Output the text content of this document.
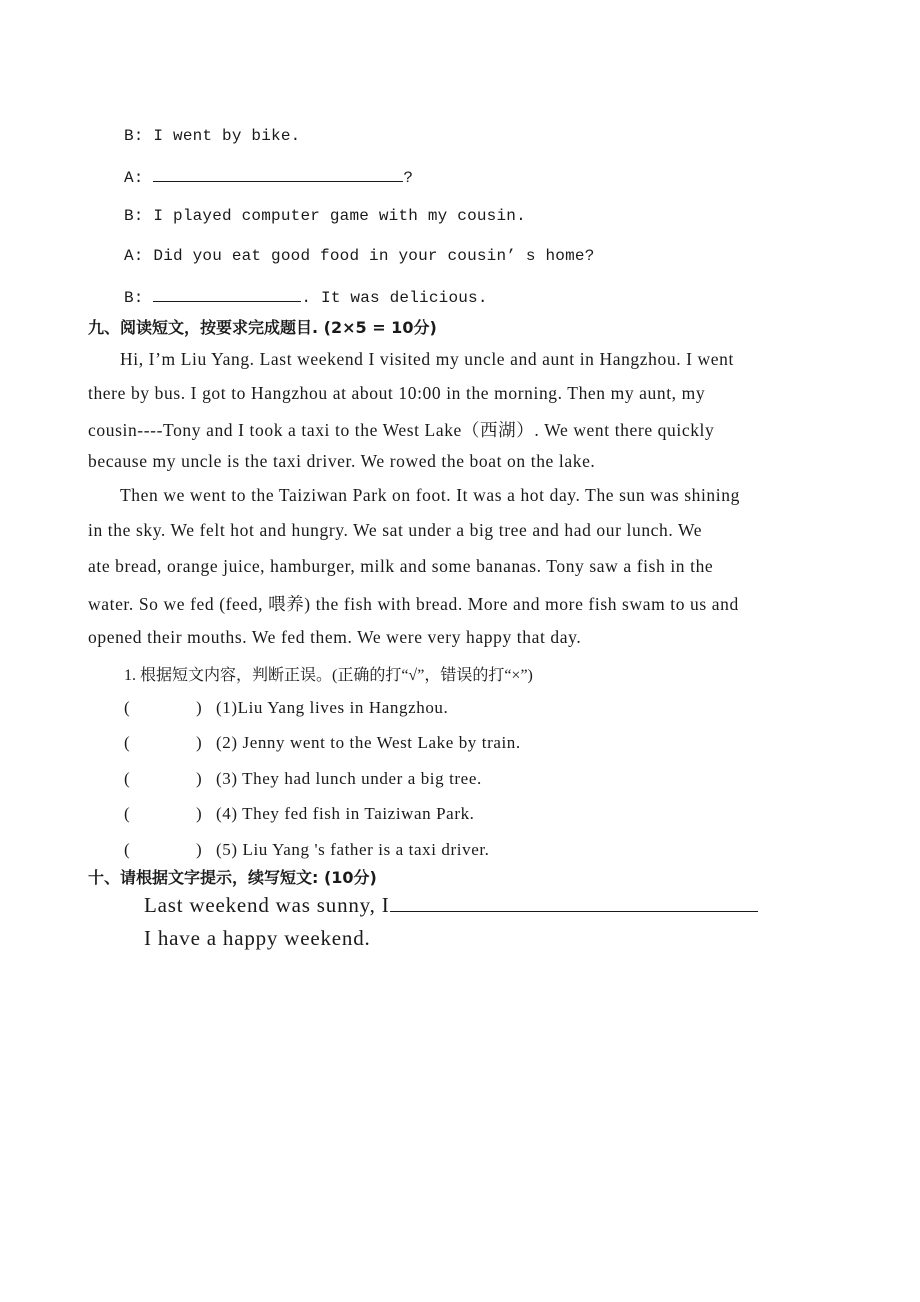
B: I went by bike.
A:	?
B: I played computer game with my cousin.
A: Did you eat good food in your cousin’ s home?
B:	. It was delicious.
九、阅读短文，按要求完成题目. (2×5 = 10分)
Hi, I’m Liu Yang. Last weekend I visited my uncle and aunt in Hangzhou. I went
there by bus. I got to Hangzhou at about 10:00 in the morning. Then my aunt, my
cousin----Tony and I took a taxi to the West Lake（西湖）. We went there quickly
because my uncle is the taxi driver. We rowed the boat on the lake.
Then we went to the Taiziwan Park on foot. It was a hot day. The sun was shining
in the sky. We felt hot and hungry. We sat under a big tree and had our lunch. We
ate bread, orange juice, hamburger, milk and some bananas. Tony saw a fish in the
water. So we fed (feed, 喂养) the fish with bread. More and more fish swam to us and
opened their mouths. We fed them. We were very happy that day.
1. 根据短文内容，判断正误。(正确的打“√”，错误的打“×”)
(	) (1)Liu Yang lives in Hangzhou.
(	) (2) Jenny went to the West Lake by train.
(	) (3) They had lunch under a big tree.
(	) (4) They fed fish in Taiziwan Park.
(	) (5) Liu Yang 's father is a taxi driver.
十、请根据文字提示，续写短文: (10分)
Last weekend was sunny, I
I have a happy weekend.
